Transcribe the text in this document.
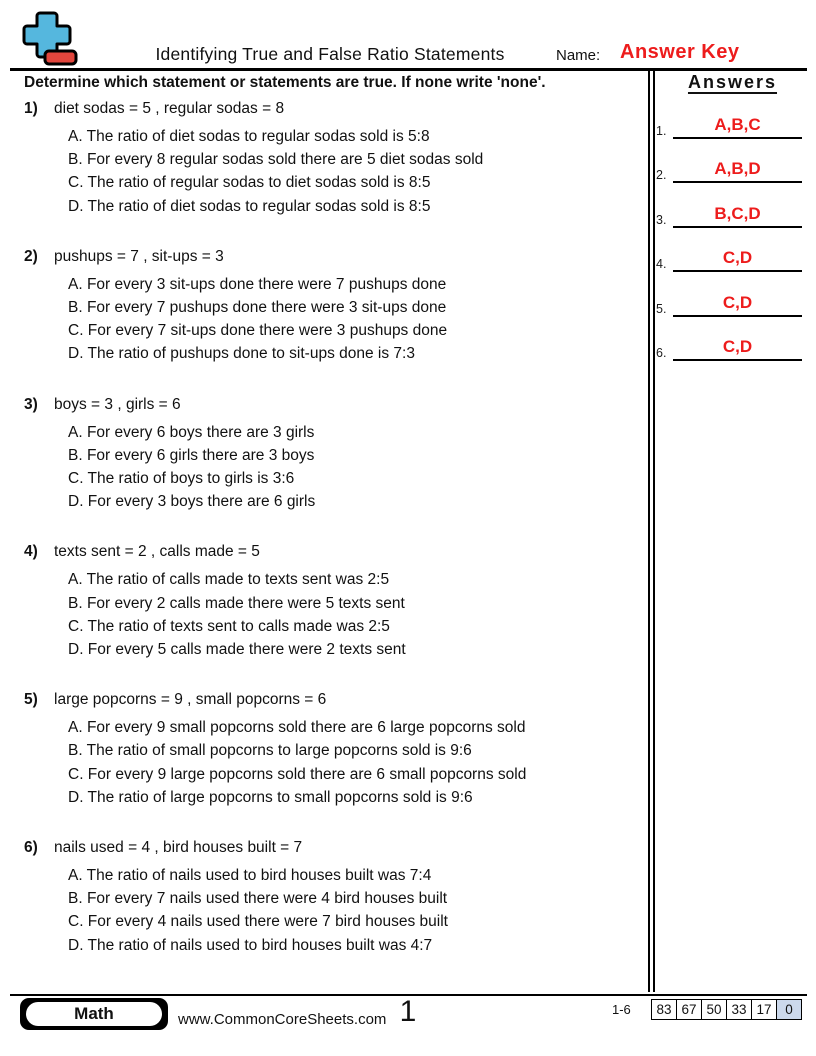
Identifying True and False Ratio Statements	Name: Answer Key
Determine which statement or statements are true. If none write 'none'.
1)	diet sodas = 5 , regular sodas = 8
A. The ratio of diet sodas to regular sodas sold is 5:8
B. For every 8 regular sodas sold there are 5 diet sodas sold
C. The ratio of regular sodas to diet sodas sold is 8:5
D. The ratio of diet sodas to regular sodas sold is 8:5
2)	pushups = 7 , sit-ups = 3
A. For every 3 sit-ups done there were 7 pushups done
B. For every 7 pushups done there were 3 sit-ups done
C. For every 7 sit-ups done there were 3 pushups done
D. The ratio of pushups done to sit-ups done is 7:3
3)	boys = 3 , girls = 6
A. For every 6 boys there are 3 girls
B. For every 6 girls there are 3 boys
C. The ratio of boys to girls is 3:6
D. For every 3 boys there are 6 girls
4)	texts sent = 2 , calls made = 5
A. The ratio of calls made to texts sent was 2:5
B. For every 2 calls made there were 5 texts sent
C. The ratio of texts sent to calls made was 2:5
D. For every 5 calls made there were 2 texts sent
5)	large popcorns = 9 , small popcorns = 6
A. For every 9 small popcorns sold there are 6 large popcorns sold
B. The ratio of small popcorns to large popcorns sold is 9:6
C. For every 9 large popcorns sold there are 6 small popcorns sold
D. The ratio of large popcorns to small popcorns sold is 9:6
6)	nails used = 4 , bird houses built = 7
A. The ratio of nails used to bird houses built was 7:4
B. For every 7 nails used there were 4 bird houses built
C. For every 4 nails used there were 7 bird houses built
D. The ratio of nails used to bird houses built was 4:7
Answers
1.	A,B,C
2.	A,B,D
3.	B,C,D
4.	C,D
5.	C,D
6.	C,D
Math	www.CommonCoreSheets.com 1	1-6	83 67 50 33 17	0
